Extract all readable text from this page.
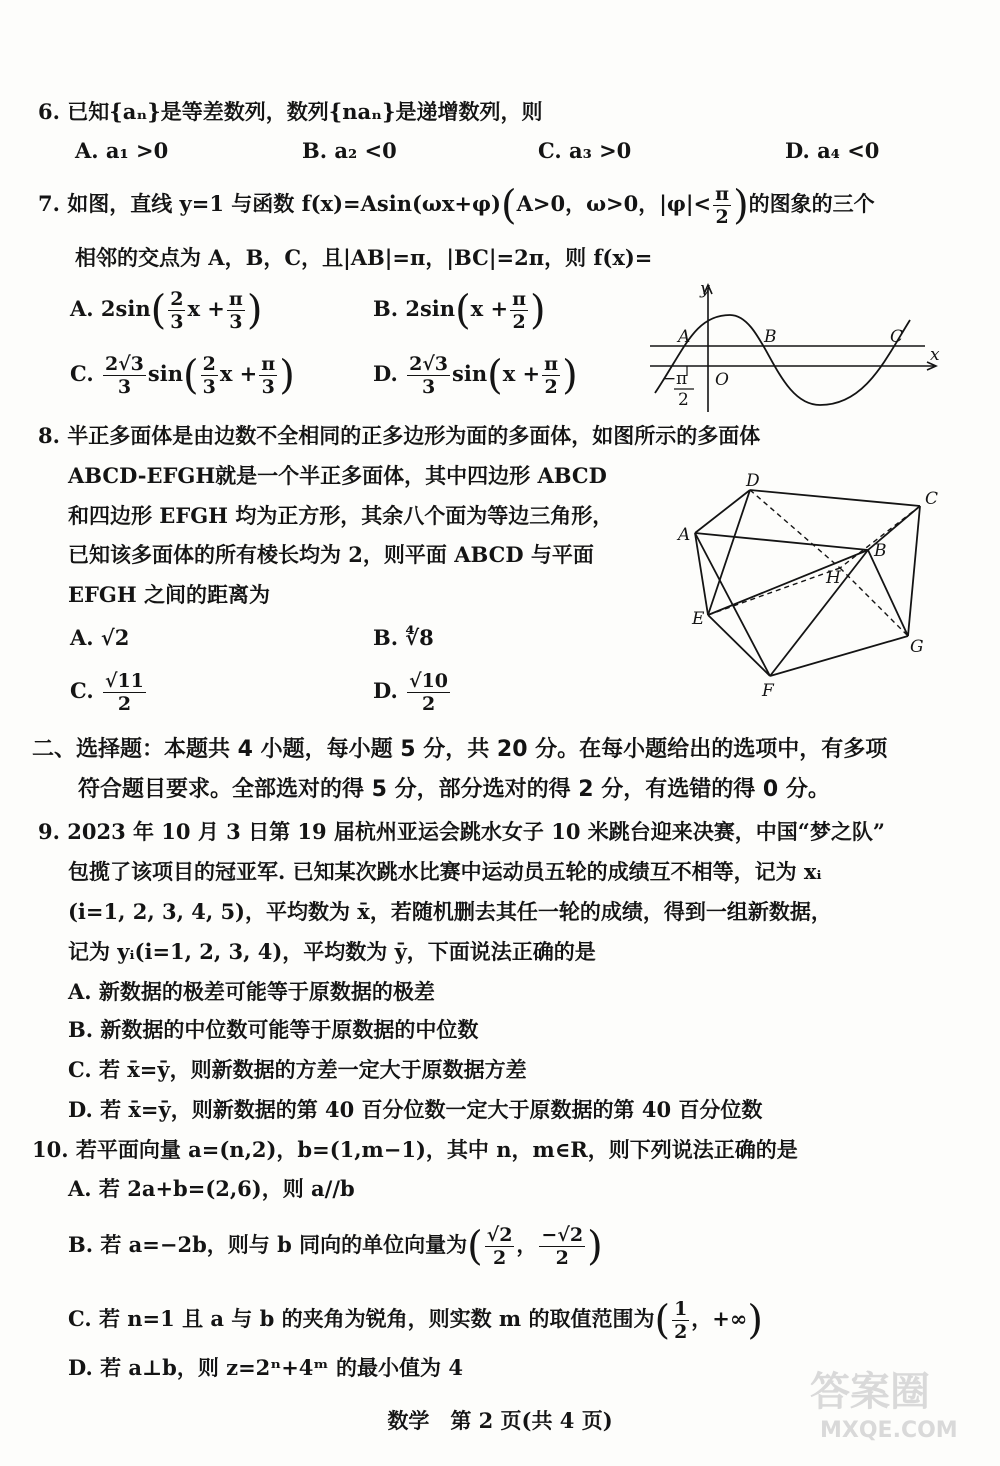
6. 已知{aₙ}是等差数列，数列{naₙ}是递增数列，则
A. a₁ >0	B. a₂ <0	C. a₃ >0	D. a₄ <0
7. 如图，直线 y=1 与函数 f(x)=Asin(ωx+φ)(A>0，ω>0，$|\varphi|< \frac{\pi}{2}$ )的图象的三个
相邻的交点为 A，B，C，且|AB|=π，|BC|=2π，则 f(x)=
A. $2\sin( \frac{2}{3}$ $x + \frac{\pi}{3}$ )	B. $2\sin(x + \frac{\pi}{2}$ )
C. $\frac{2√3}{3} \sin( \frac{2}{3}$ $x + \frac{\pi}{3}$ )	D. $\frac{2√3}{3} \sin(x + \frac{\pi}{2}$ )
y
x
A	B	C
O
− π
2
8. 半正多面体是由边数不全相同的正多边形为面的多面体，如图所示的多面体
ABCD-EFGH就是一个半正多面体，其中四边形 ABCD
和四边形 EFGH 均为正方形，其余八个面为等边三角形，
已知该多面体的所有棱长均为 2，则平面 ABCD 与平面
EFGH 之间的距离为
A. √2	B. ∜8
C. $\frac{√11}{2}$	D. $\frac{√10}{2}$
A
B
C
D
E
F
G
H
二、选择题：本题共 4 小题，每小题 5 分，共 20 分。在每小题给出的选项中，有多项
符合题目要求。全部选对的得 5 分，部分选对的得 2 分，有选错的得 0 分。
9. 2023 年 10 月 3 日第 19 届杭州亚运会跳水女子 10 米跳台迎来决赛，中国“梦之队”
包揽了该项目的冠亚军. 已知某次跳水比赛中运动员五轮的成绩互不相等，记为 xᵢ
(i=1, 2, 3, 4, 5)，平均数为 x̄，若随机删去其任一轮的成绩，得到一组新数据，
记为 yᵢ(i=1, 2, 3, 4)，平均数为 ȳ，下面说法正确的是
A. 新数据的极差可能等于原数据的极差
B. 新数据的中位数可能等于原数据的中位数
C. 若 x̄=ȳ，则新数据的方差一定大于原数据方差
D. 若 x̄=ȳ，则新数据的第 40 百分位数一定大于原数据的第 40 百分位数
10. 若平面向量 a=(n,2)，b=(1,m−1)，其中 n，m∈R，则下列说法正确的是
A. 若 2a+b=(2,6)，则 a//b
B. 若 a=−2b，则与 b 同向的单位向量为( $\frac{√2}{2}$ ， $\frac{-√2}{2}$ )
C. 若 n=1 且 a 与 b 的夹角为锐角，则实数 m 的取值范围为( $\frac{1}{2}$ ，+∞)
D. 若 a⊥b，则 z=2ⁿ+4ᵐ 的最小值为 4
数学　第 2 页(共 4 页)
答案圈
MXQE.COM
